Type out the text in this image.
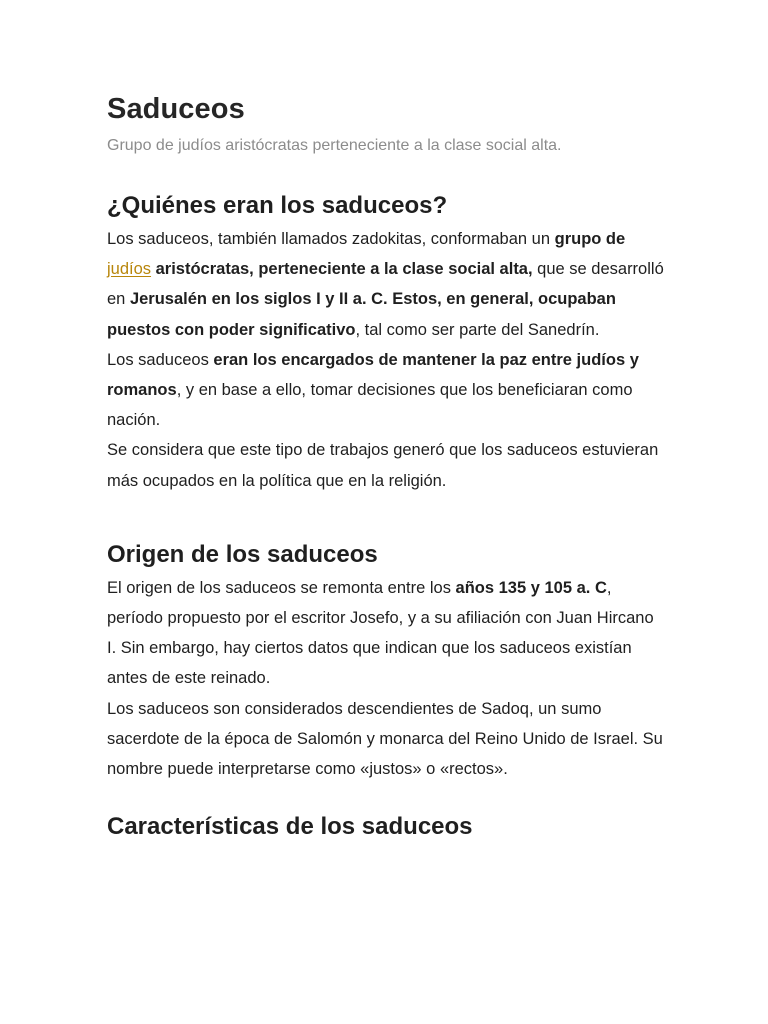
Saduceos

Grupo de judíos aristócratas perteneciente a la clase social alta.

¿Quiénes eran los saduceos?

Los saduceos, también llamados zadokitas, conformaban un grupo de judíos aristócratas, perteneciente a la clase social alta, que se desarrolló en Jerusalén en los siglos I y II a. C. Estos, en general, ocupaban puestos con poder significativo, tal como ser parte del Sanedrín.

Los saduceos eran los encargados de mantener la paz entre judíos y romanos, y en base a ello, tomar decisiones que los beneficiaran como nación.

Se considera que este tipo de trabajos generó que los saduceos estuvieran más ocupados en la política que en la religión.

Origen de los saduceos

El origen de los saduceos se remonta entre los años 135 y 105 a. C, período propuesto por el escritor Josefo, y a su afiliación con Juan Hircano I. Sin embargo, hay ciertos datos que indican que los saduceos existían antes de este reinado.

Los saduceos son considerados descendientes de Sadoq, un sumo sacerdote de la época de Salomón y monarca del Reino Unido de Israel. Su nombre puede interpretarse como «justos» o «rectos».

Características de los saduceos
